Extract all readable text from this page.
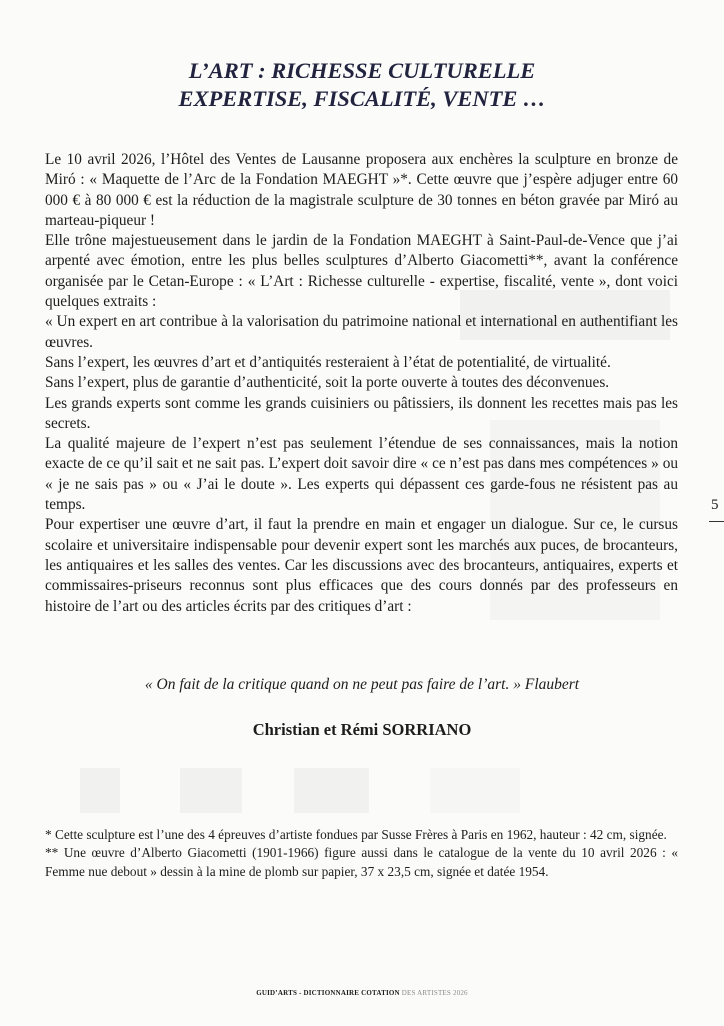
L’ART : RICHESSE CULTURELLE
EXPERTISE, FISCALITÉ, VENTE …

Le 10 avril 2026, l’Hôtel des Ventes de Lausanne proposera aux enchères la sculpture en bronze de Miró : « Maquette de l’Arc de la Fondation MAEGHT »*. Cette œuvre que j’espère adjuger entre 60 000 € à 80 000 € est la réduction de la magistrale sculpture de 30 tonnes en béton gravée par Miró au marteau-piqueur !

Elle trône majestueusement dans le jardin de la Fondation MAEGHT à Saint-Paul-de-Vence que j’ai arpenté avec émotion, entre les plus belles sculptures d’Alberto Giacometti**, avant la conférence organisée par le Cetan-Europe : « L’Art : Richesse culturelle - expertise, fiscalité, vente », dont voici quelques extraits :

« Un expert en art contribue à la valorisation du patrimoine national et international en authentifiant les œuvres.

Sans l’expert, les œuvres d’art et d’antiquités resteraient à l’état de potentialité, de virtualité.

Sans l’expert, plus de garantie d’authenticité, soit la porte ouverte à toutes des déconvenues.

Les grands experts sont comme les grands cuisiniers ou pâtissiers, ils donnent les recettes mais pas les secrets.

La qualité majeure de l’expert n’est pas seulement l’étendue de ses connaissances, mais la notion exacte de ce qu’il sait et ne sait pas. L’expert doit savoir dire « ce n’est pas dans mes compétences » ou « je ne sais pas » ou « J’ai le doute ». Les experts qui dépassent ces garde-fous ne résistent pas au temps.

Pour expertiser une œuvre d’art, il faut la prendre en main et engager un dialogue. Sur ce, le cursus scolaire et universitaire indispensable pour devenir expert sont les marchés aux puces, de brocanteurs, les antiquaires et les salles des ventes. Car les discussions avec des brocanteurs, antiquaires, experts et commissaires-priseurs reconnus sont plus efficaces que des cours donnés par des professeurs en histoire de l’art ou des articles écrits par des critiques d’art :

« On fait de la critique quand on ne peut pas faire de l’art. » Flaubert
Christian et Rémi SORRIANO

* Cette sculpture est l’une des 4 épreuves d’artiste fondues par Susse Frères à Paris en 1962, hauteur : 42 cm, signée.

** Une œuvre d’Alberto Giacometti (1901-1966) figure aussi dans le catalogue de la vente du 10 avril 2026 : « Femme nue debout » dessin à la mine de plomb sur papier, 37 x 23,5 cm, signée et datée 1954.

5
GUID’ARTS - DICTIONNAIRE COTATION DES ARTISTES 2026
